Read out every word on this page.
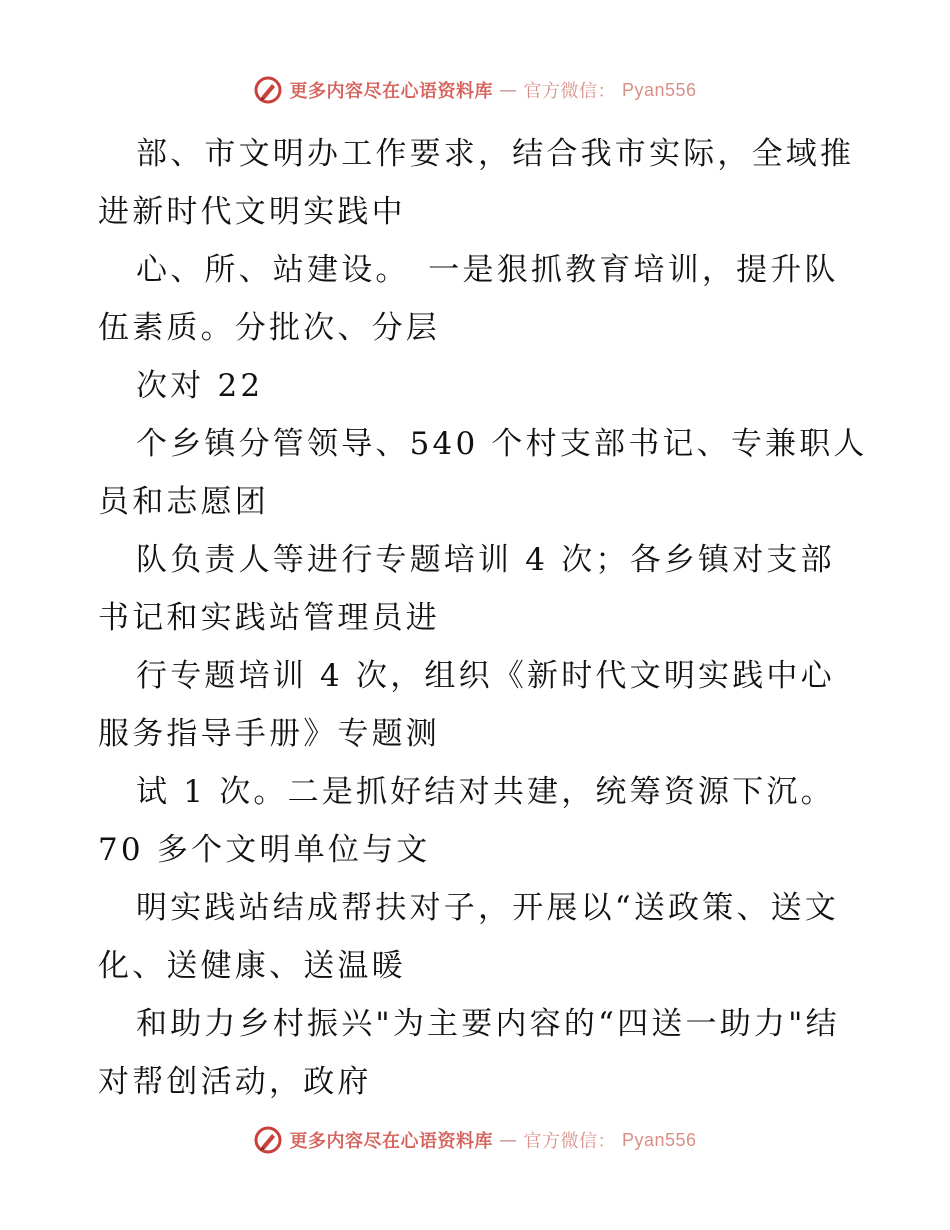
更多内容尽在心语资料库 — 官方微信： Pyan556
部、市文明办工作要求，结合我市实际，全域推
进新时代文明实践中
心、所、站建设。　一是狠抓教育培训，提升队
伍素质。分批次、分层
次对 22
个乡镇分管领导、540 个村支部书记、专兼职人
员和志愿团
队负责人等进行专题培训 4 次；各乡镇对支部
书记和实践站管理员进
行专题培训 4 次，组织《新时代文明实践中心
服务指导手册》专题测
试 1 次。二是抓好结对共建，统筹资源下沉。
70 多个文明单位与文
明实践站结成帮扶对子，开展以“送政策、送文
化、送健康、送温暖
和助力乡村振兴"为主要内容的“四送一助力"结
对帮创活动，政府
更多内容尽在心语资料库 — 官方微信： Pyan556
